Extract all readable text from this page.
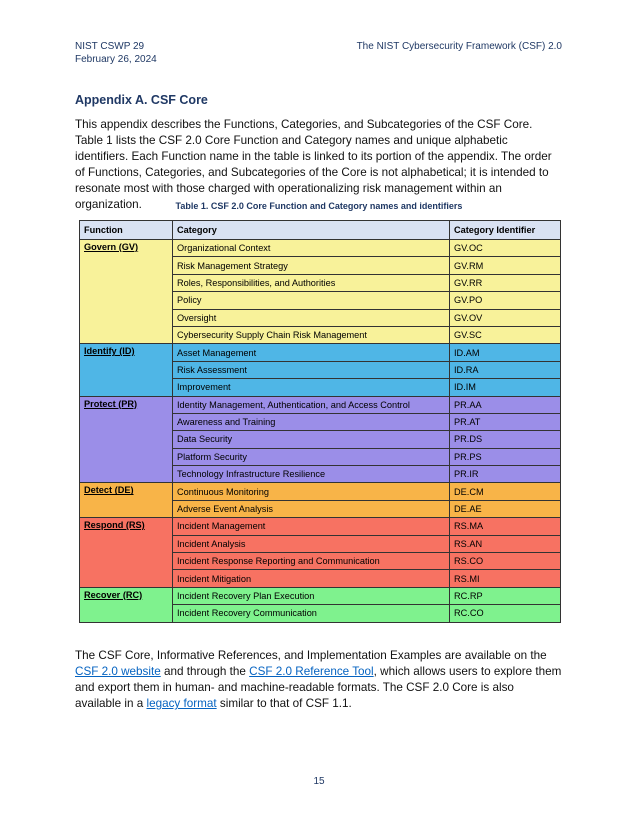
NIST CSWP 29
February 26, 2024
The NIST Cybersecurity Framework (CSF) 2.0
Appendix A. CSF Core
This appendix describes the Functions, Categories, and Subcategories of the CSF Core. Table 1 lists the CSF 2.0 Core Function and Category names and unique alphabetic identifiers. Each Function name in the table is linked to its portion of the appendix. The order of Functions, Categories, and Subcategories of the Core is not alphabetical; it is intended to resonate most with those charged with operationalizing risk management within an organization.	Table 1. CSF 2.0 Core Function and Category names and identifiers
Function	Category	Category Identifier
Govern (GV)	Organizational Context	GV.OC
	Risk Management Strategy	GV.RM
	Roles, Responsibilities, and Authorities	GV.RR
	Policy	GV.PO
	Oversight	GV.OV
	Cybersecurity Supply Chain Risk Management	GV.SC
Identify (ID)	Asset Management	ID.AM
	Risk Assessment	ID.RA
	Improvement	ID.IM
Protect (PR)	Identity Management, Authentication, and Access Control	PR.AA
	Awareness and Training	PR.AT
	Data Security	PR.DS
	Platform Security	PR.PS
	Technology Infrastructure Resilience	PR.IR
Detect (DE)	Continuous Monitoring	DE.CM
	Adverse Event Analysis	DE.AE
Respond (RS)	Incident Management	RS.MA
	Incident Analysis	RS.AN
	Incident Response Reporting and Communication	RS.CO
	Incident Mitigation	RS.MI
Recover (RC)	Incident Recovery Plan Execution	RC.RP
	Incident Recovery Communication	RC.CO
The CSF Core, Informative References, and Implementation Examples are available on the CSF 2.0 website and through the CSF 2.0 Reference Tool, which allows users to explore them and export them in human- and machine-readable formats. The CSF 2.0 Core is also available in a legacy format similar to that of CSF 1.1.
15
